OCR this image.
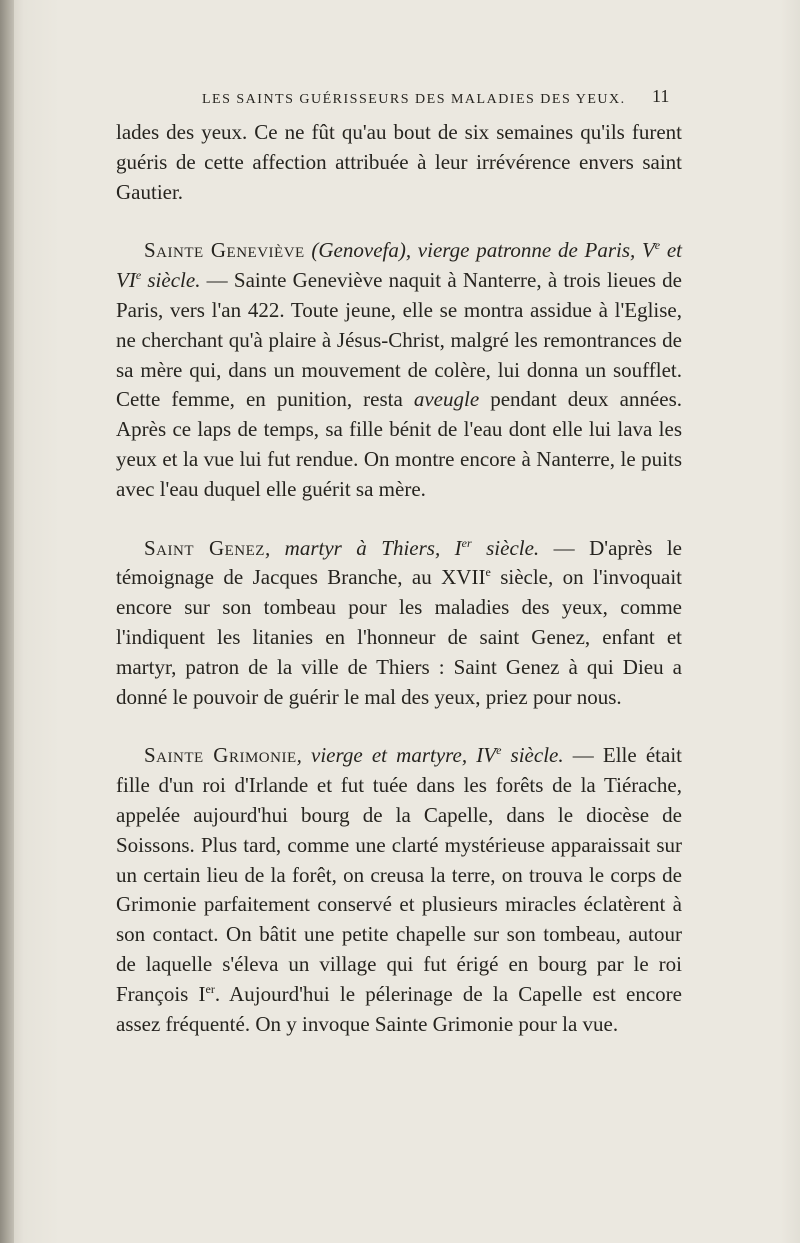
LES SAINTS GUÉRISSEURS DES MALADIES DES YEUX. 11

lades des yeux. Ce ne fût qu'au bout de six semaines qu'ils furent guéris de cette affection attribuée à leur irrévérence envers saint Gautier.

Sainte Geneviève (Genovefa), vierge patronne de Paris, Ve et VIe siècle. — Sainte Geneviève naquit à Nanterre, à trois lieues de Paris, vers l'an 422. Toute jeune, elle se montra assidue à l'Eglise, ne cherchant qu'à plaire à Jésus-Christ, malgré les remontrances de sa mère qui, dans un mouvement de colère, lui donna un soufflet. Cette femme, en punition, resta aveugle pendant deux années. Après ce laps de temps, sa fille bénit de l'eau dont elle lui lava les yeux et la vue lui fut rendue. On montre encore à Nanterre, le puits avec l'eau duquel elle guérit sa mère.

Saint Genez, martyr à Thiers, Ier siècle. — D'après le témoignage de Jacques Branche, au XVIIe siècle, on l'invoquait encore sur son tombeau pour les maladies des yeux, comme l'indiquent les litanies en l'honneur de saint Genez, enfant et martyr, patron de la ville de Thiers : Saint Genez à qui Dieu a donné le pouvoir de guérir le mal des yeux, priez pour nous.

Sainte Grimonie, vierge et martyre, IVe siècle. — Elle était fille d'un roi d'Irlande et fut tuée dans les forêts de la Tiérache, appelée aujourd'hui bourg de la Capelle, dans le diocèse de Soissons. Plus tard, comme une clarté mystérieuse apparaissait sur un certain lieu de la forêt, on creusa la terre, on trouva le corps de Grimonie parfaitement conservé et plusieurs miracles éclatèrent à son contact. On bâtit une petite chapelle sur son tombeau, autour de laquelle s'éleva un village qui fut érigé en bourg par le roi François Ier. Aujourd'hui le pélerinage de la Capelle est encore assez fréquenté. On y invoque Sainte Grimonie pour la vue.
